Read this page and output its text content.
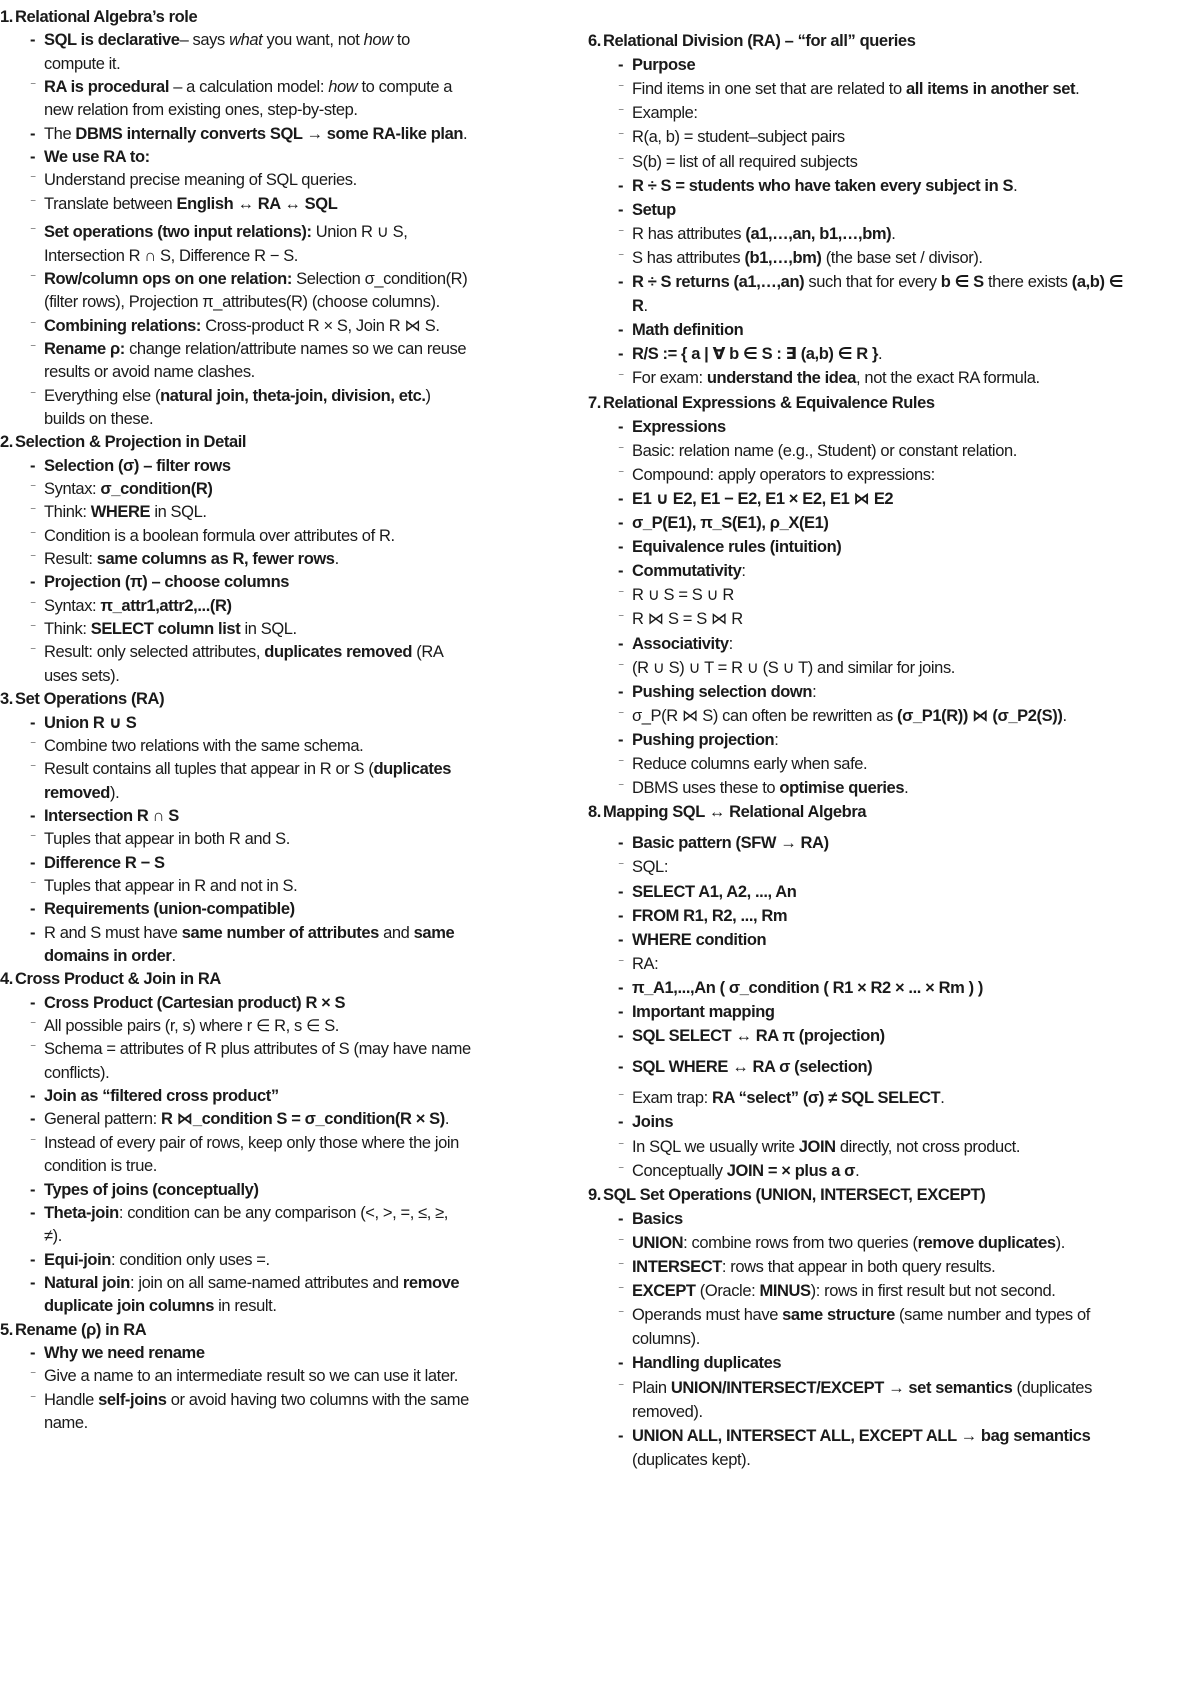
1. Relational Algebra’s role
- SQL is declarative– says what you want, not how to
compute it.
⁻ RA is procedural – a calculation model: how to compute a
new relation from existing ones, step-by-step.
- The DBMS internally converts SQL → some RA-like plan.
- We use RA to:
⁻ Understand precise meaning of SQL queries.
⁻ Translate between English ↔ RA ↔ SQL
⁻ Set operations (two input relations): Union R ∪ S,
Intersection R ∩ S, Difference R − S.
⁻ Row/column ops on one relation: Selection σ_condition(R)
(filter rows), Projection π_attributes(R) (choose columns).
⁻ Combining relations: Cross-product R × S, Join R ⋈ S.
⁻ Rename ρ: change relation/attribute names so we can reuse
results or avoid name clashes.
⁻ Everything else (natural join, theta-join, division, etc.)
builds on these.
2. Selection & Projection in Detail
- Selection (σ) – filter rows
⁻ Syntax: σ_condition(R)
⁻ Think: WHERE in SQL.
⁻ Condition is a boolean formula over attributes of R.
⁻ Result: same columns as R, fewer rows.
- Projection (π) – choose columns
⁻ Syntax: π_attr1,attr2,...(R)
⁻ Think: SELECT column list in SQL.
⁻ Result: only selected attributes, duplicates removed (RA
uses sets).
3. Set Operations (RA)
- Union R ∪ S
⁻ Combine two relations with the same schema.
⁻ Result contains all tuples that appear in R or S (duplicates
removed).
- Intersection R ∩ S
⁻ Tuples that appear in both R and S.
- Difference R − S
⁻ Tuples that appear in R and not in S.
- Requirements (union-compatible)
- R and S must have same number of attributes and same
domains in order.
4. Cross Product & Join in RA
- Cross Product (Cartesian product) R × S
⁻ All possible pairs (r, s) where r ∈ R, s ∈ S.
⁻ Schema = attributes of R plus attributes of S (may have name
conflicts).
- Join as “filtered cross product”
- General pattern: R ⋈_condition S = σ_condition(R × S).
⁻ Instead of every pair of rows, keep only those where the join
condition is true.
- Types of joins (conceptually)
- Theta-join: condition can be any comparison (<, >, =, ≤, ≥,
≠).
- Equi-join: condition only uses =.
- Natural join: join on all same-named attributes and remove
duplicate join columns in result.
5. Rename (ρ) in RA
- Why we need rename
⁻ Give a name to an intermediate result so we can use it later.
⁻ Handle self-joins or avoid having two columns with the same
name.
6. Relational Division (RA) – “for all” queries
- Purpose
⁻ Find items in one set that are related to all items in another set.
⁻ Example:
⁻ R(a, b) = student–subject pairs
⁻ S(b) = list of all required subjects
- R ÷ S = students who have taken every subject in S.
- Setup
⁻ R has attributes (a1,…,an, b1,…,bm).
⁻ S has attributes (b1,…,bm) (the base set / divisor).
- R ÷ S returns (a1,…,an) such that for every b ∈ S there exists (a,b) ∈
R.
- Math definition
- R/S := { a | ∀ b ∈ S : ∃ (a,b) ∈ R }.
⁻ For exam: understand the idea, not the exact RA formula.
7. Relational Expressions & Equivalence Rules
- Expressions
⁻ Basic: relation name (e.g., Student) or constant relation.
⁻ Compound: apply operators to expressions:
- E1 ∪ E2, E1 − E2, E1 × E2, E1 ⋈ E2
- σ_P(E1), π_S(E1), ρ_X(E1)
- Equivalence rules (intuition)
- Commutativity:
⁻ R ∪ S = S ∪ R
⁻ R ⋈ S = S ⋈ R
- Associativity:
⁻ (R ∪ S) ∪ T = R ∪ (S ∪ T) and similar for joins.
- Pushing selection down:
⁻ σ_P(R ⋈ S) can often be rewritten as (σ_P1(R)) ⋈ (σ_P2(S)).
- Pushing projection:
⁻ Reduce columns early when safe.
⁻ DBMS uses these to optimise queries.
8. Mapping SQL ↔ Relational Algebra
- Basic pattern (SFW → RA)
⁻ SQL:
- SELECT A1, A2, ..., An
- FROM R1, R2, ..., Rm
- WHERE condition
⁻ RA:
- π_A1,...,An ( σ_condition ( R1 × R2 × ... × Rm ) )
- Important mapping
- SQL SELECT ↔ RA π (projection)
- SQL WHERE ↔ RA σ (selection)
⁻ Exam trap: RA “select” (σ) ≠ SQL SELECT.
- Joins
⁻ In SQL we usually write JOIN directly, not cross product.
⁻ Conceptually JOIN = × plus a σ.
9. SQL Set Operations (UNION, INTERSECT, EXCEPT)
- Basics
⁻ UNION: combine rows from two queries (remove duplicates).
⁻ INTERSECT: rows that appear in both query results.
⁻ EXCEPT (Oracle: MINUS): rows in first result but not second.
⁻ Operands must have same structure (same number and types of
columns).
- Handling duplicates
⁻ Plain UNION/INTERSECT/EXCEPT → set semantics (duplicates
removed).
- UNION ALL, INTERSECT ALL, EXCEPT ALL → bag semantics
(duplicates kept).
